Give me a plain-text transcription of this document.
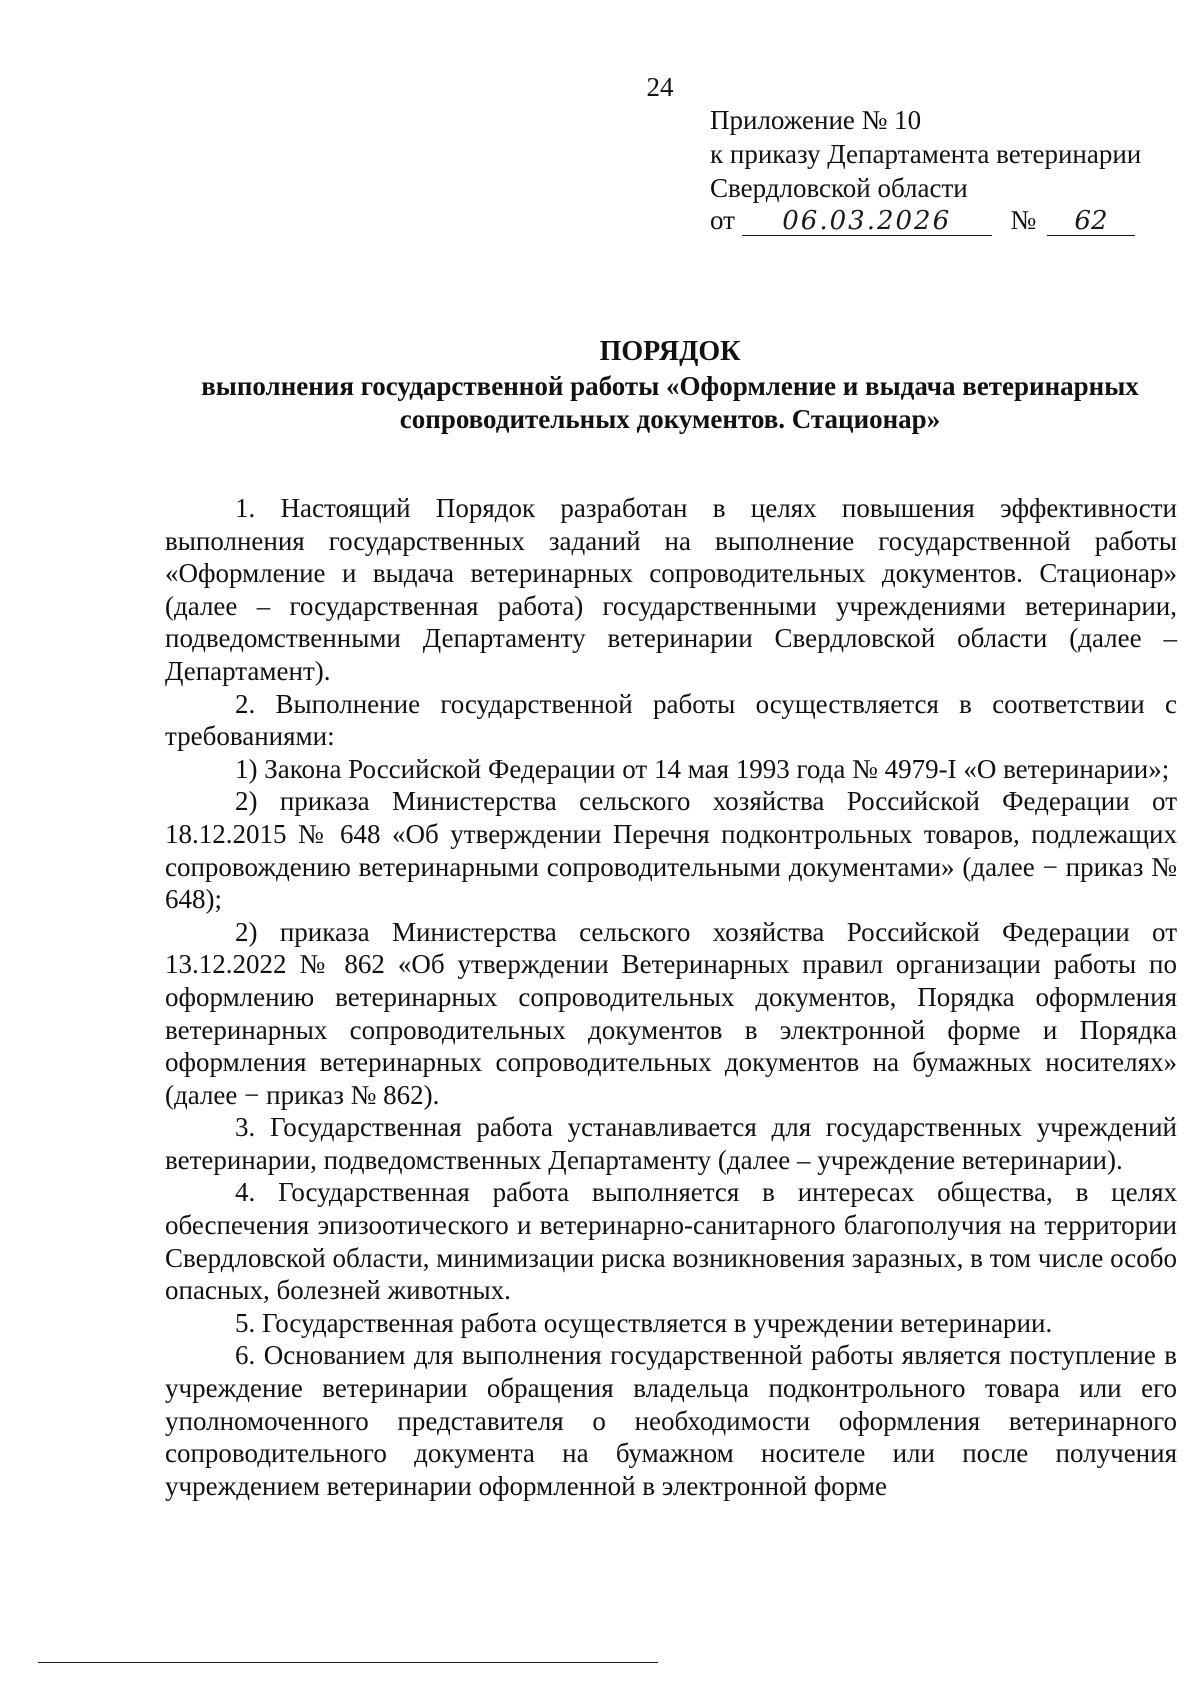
24
Приложение № 10
к приказу Департамента ветеринарии
Свердловской области
от 06.03.2026 № 62
ПОРЯДОК
выполнения государственной работы «Оформление и выдача ветеринарных сопроводительных документов. Стационар»

1. Настоящий Порядок разработан в целях повышения эффективности выполнения государственных заданий на выполнение государственной работы «Оформление и выдача ветеринарных сопроводительных документов. Стационар» (далее – государственная работа) государственными учреждениями ветеринарии, подведомственными Департаменту ветеринарии Свердловской области (далее – Департамент).

2. Выполнение государственной работы осуществляется в соответствии с требованиями:

1) Закона Российской Федерации от 14 мая 1993 года № 4979-I «О ветеринарии»;

2) приказа Министерства сельского хозяйства Российской Федерации от 18.12.2015 № 648 «Об утверждении Перечня подконтрольных товаров, подлежащих сопровождению ветеринарными сопроводительными документами» (далее − приказ № 648);

2) приказа Министерства сельского хозяйства Российской Федерации от 13.12.2022 № 862 «Об утверждении Ветеринарных правил организации работы по оформлению ветеринарных сопроводительных документов, Порядка оформления ветеринарных сопроводительных документов в электронной форме и Порядка оформления ветеринарных сопроводительных документов на бумажных носителях» (далее − приказ № 862).

3. Государственная работа устанавливается для государственных учреждений ветеринарии, подведомственных Департаменту (далее – учреждение ветеринарии).

4. Государственная работа выполняется в интересах общества, в целях обеспечения эпизоотического и ветеринарно-санитарного благополучия на территории Свердловской области, минимизации риска возникновения заразных, в том числе особо опасных, болезней животных.

5. Государственная работа осуществляется в учреждении ветеринарии.

6. Основанием для выполнения государственной работы является поступление в учреждение ветеринарии обращения владельца подконтрольного товара или его уполномоченного представителя о необходимости оформления ветеринарного сопроводительного документа на бумажном носителе или после получения учреждением ветеринарии оформленной в электронной форме
